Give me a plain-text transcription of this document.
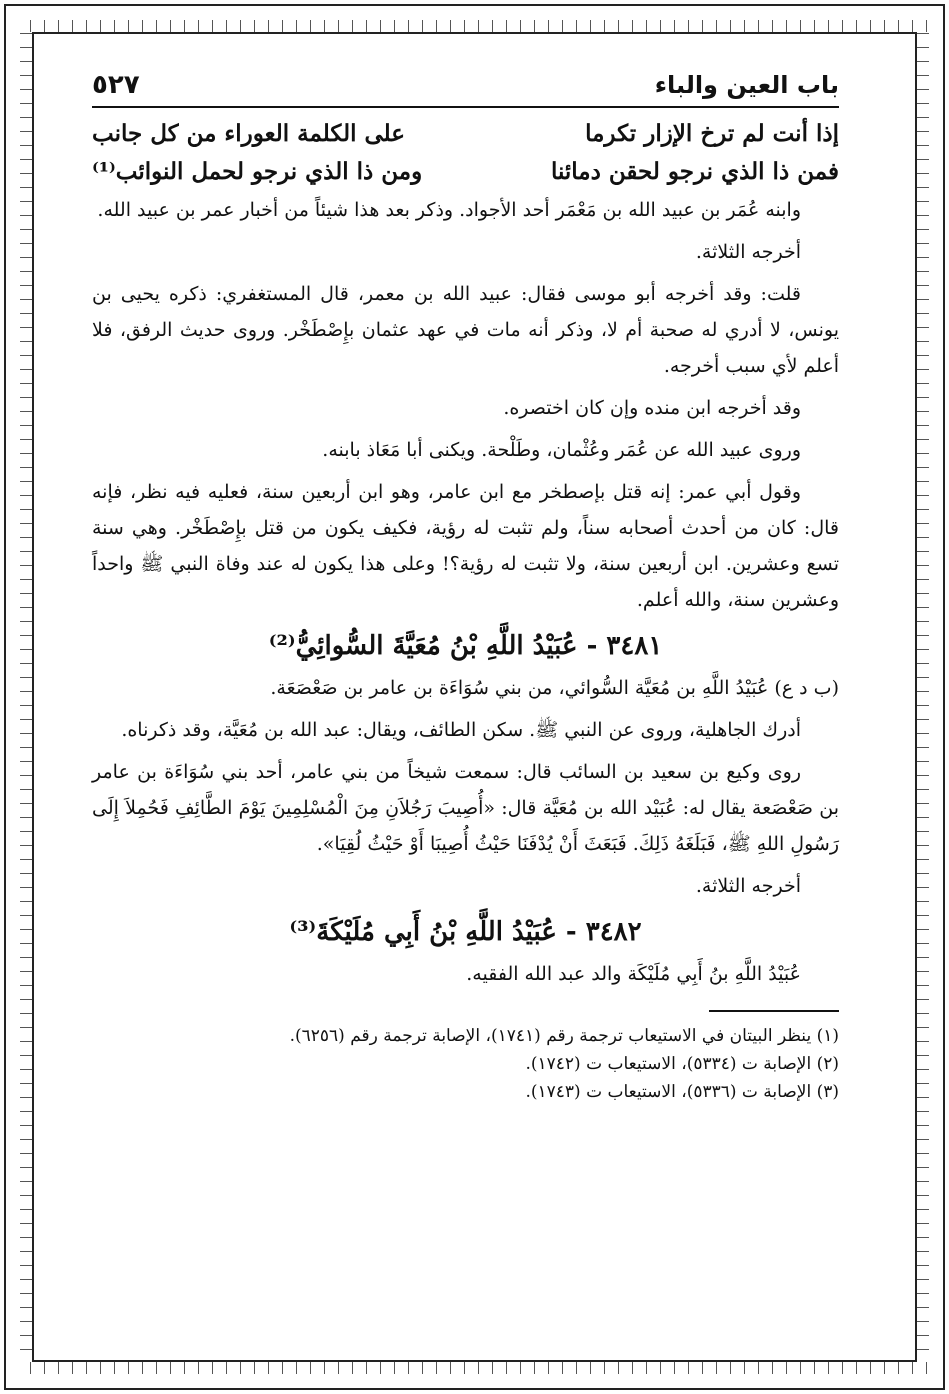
باب العين والباء
٥٢٧
إذا أنت لم ترخ الإزار تكرما
على الكلمة العوراء من كل جانب
فمن ذا الذي نرجو لحقن دمائنا
ومن ذا الذي نرجو لحمل النوائب⁽¹⁾

وابنه عُمَر بن عبيد الله بن مَعْمَر أحد الأجواد. وذكر بعد هذا شيئاً من أخبار عمر بن عبيد الله.

أخرجه الثلاثة.

قلت: وقد أخرجه أبو موسى فقال: عبيد الله بن معمر، قال المستغفري: ذكره يحيى بن يونس، لا أدري له صحبة أم لا، وذكر أنه مات في عهد عثمان بإِصْطَخْر. وروى حديث الرفق، فلا أعلم لأي سبب أخرجه.

وقد أخرجه ابن منده وإن كان اختصره.

وروى عبيد الله عن عُمَر وعُثْمان، وطَلْحة. ويكنى أبا مَعَاذ بابنه.

وقول أبي عمر: إنه قتل بإصطخر مع ابن عامر، وهو ابن أربعين سنة، فعليه فيه نظر، فإنه قال: كان من أحدث أصحابه سناً، ولم تثبت له رؤية، فكيف يكون من قتل بإِصْطَخْر. وهي سنة تسع وعشرين. ابن أربعين سنة، ولا تثبت له رؤية؟! وعلى هذا يكون له عند وفاة النبي ﷺ واحداً وعشرين سنة، والله أعلم.

٣٤٨١ - عُبَيْدُ اللَّهِ بْنُ مُعَيَّةَ السُّوائِيُّ⁽²⁾

(ب د ع) عُبَيْدُ اللَّهِ بن مُعَيَّة السُّوائي، من بني سُوَاءَة بن عامر بن صَعْصَعَة.

أدرك الجاهلية، وروى عن النبي ﷺ. سكن الطائف، ويقال: عبد الله بن مُعَيَّة، وقد ذكرناه.

روى وكيع بن سعيد بن السائب قال: سمعت شيخاً من بني عامر، أحد بني سُوَاءَة بن عامر بن صَعْصَعة يقال له: عُبَيْد الله بن مُعَيَّة قال: «أُصِيبَ رَجُلاَنِ مِنَ الْمُسْلِمِينَ يَوْمَ الطَّائِفِ فَحُمِلاَ إِلَى رَسُولِ اللهِ ﷺ، فَبَلَغَهُ ذَلِكَ. فَبَعَثَ أَنْ يُدْفَنَا حَيْثُ أُصِيبَا أَوْ حَيْثُ لُقِيَا».

أخرجه الثلاثة.

٣٤٨٢ - عُبَيْدُ اللَّهِ بْنُ أَبِي مُلَيْكَةَ⁽³⁾

عُبَيْدُ اللَّهِ بنُ أَبِي مُلَيْكَة والد عبد الله الفقيه.

(١) ينظر البيتان في الاستيعاب ترجمة رقم (١٧٤١)، الإصابة ترجمة رقم (٦٢٥٦).
(٢) الإصابة ت (٥٣٣٤)، الاستيعاب ت (١٧٤٢).
(٣) الإصابة ت (٥٣٣٦)، الاستيعاب ت (١٧٤٣).
